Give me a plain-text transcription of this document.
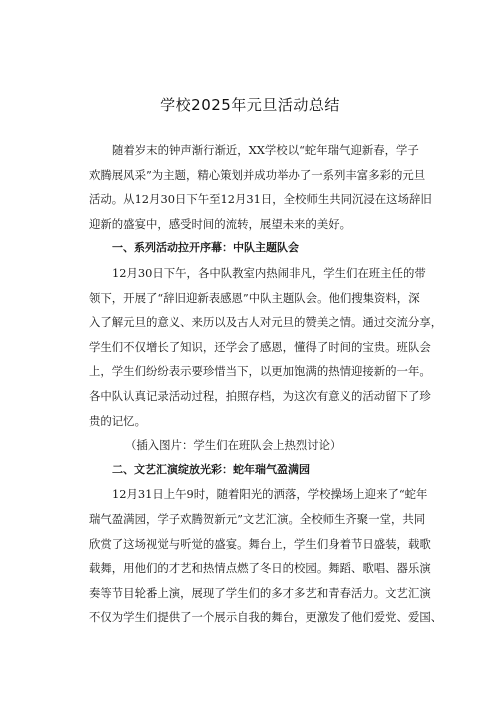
学校2025年元旦活动总结
随着岁末的钟声渐行渐近，XX学校以“蛇年瑞气迎新春，学子
欢腾展风采”为主题，精心策划并成功举办了一系列丰富多彩的元旦
活动。从12月30日下午至12月31日，全校师生共同沉浸在这场辞旧
迎新的盛宴中，感受时间的流转，展望未来的美好。
一、系列活动拉开序幕：中队主题队会
12月30日下午，各中队教室内热闹非凡，学生们在班主任的带
领下，开展了“辞旧迎新表感恩”中队主题队会。他们搜集资料，深
入了解元旦的意义、来历以及古人对元旦的赞美之情。通过交流分享，
学生们不仅增长了知识，还学会了感恩，懂得了时间的宝贵。班队会
上，学生们纷纷表示要珍惜当下，以更加饱满的热情迎接新的一年。
各中队认真记录活动过程，拍照存档，为这次有意义的活动留下了珍
贵的记忆。
（插入图片：学生们在班队会上热烈讨论）
二、文艺汇演绽放光彩：蛇年瑞气盈满园
12月31日上午9时，随着阳光的洒落，学校操场上迎来了“蛇年
瑞气盈满园，学子欢腾贺新元”文艺汇演。全校师生齐聚一堂，共同
欣赏了这场视觉与听觉的盛宴。舞台上，学生们身着节日盛装，载歌
载舞，用他们的才艺和热情点燃了冬日的校园。舞蹈、歌唱、器乐演
奏等节目轮番上演，展现了学生们的多才多艺和青春活力。文艺汇演
不仅为学生们提供了一个展示自我的舞台，更激发了他们爱党、爱国、
